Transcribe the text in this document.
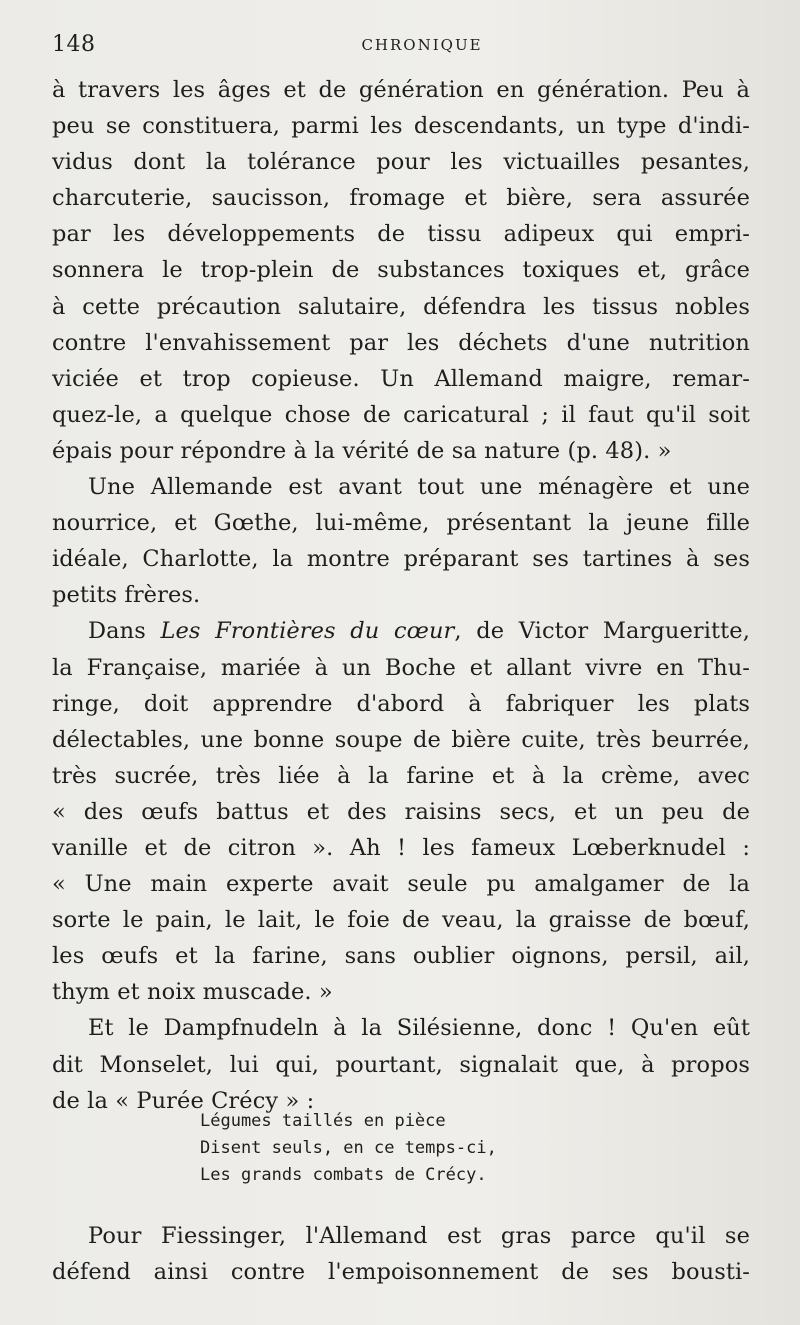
148	CHRONIQUE
à travers les âges et de génération en génération. Peu à
peu se constituera, parmi les descendants, un type d'indi-
vidus dont la tolérance pour les victuailles pesantes,
charcuterie, saucisson, fromage et bière, sera assurée
par les développements de tissu adipeux qui empri-
sonnera le trop-plein de substances toxiques et, grâce
à cette précaution salutaire, défendra les tissus nobles
contre l'envahissement par les déchets d'une nutrition
viciée et trop copieuse. Un Allemand maigre, remar-
quez-le, a quelque chose de caricatural ; il faut qu'il soit
épais pour répondre à la vérité de sa nature (p. 48). »
Une Allemande est avant tout une ménagère et une
nourrice, et Gœthe, lui-même, présentant la jeune fille
idéale, Charlotte, la montre préparant ses tartines à ses
petits frères.
Dans Les Frontières du cœur, de Victor Margueritte,
la Française, mariée à un Boche et allant vivre en Thu-
ringe, doit apprendre d'abord à fabriquer les plats
délectables, une bonne soupe de bière cuite, très beurrée,
très sucrée, très liée à la farine et à la crème, avec
« des œufs battus et des raisins secs, et un peu de
vanille et de citron ». Ah ! les fameux Lœberknudel :
« Une main experte avait seule pu amalgamer de la
sorte le pain, le lait, le foie de veau, la graisse de bœuf,
les œufs et la farine, sans oublier oignons, persil, ail,
thym et noix muscade. »
Et le Dampfnudeln à la Silésienne, donc ! Qu'en eût
dit Monselet, lui qui, pourtant, signalait que, à propos
de la « Purée Crécy » :
Légumes taillés en pièce
Disent seuls, en ce temps-ci,
Les grands combats de Crécy.
Pour Fiessinger, l'Allemand est gras parce qu'il se
défend ainsi contre l'empoisonnement de ses bousti-
